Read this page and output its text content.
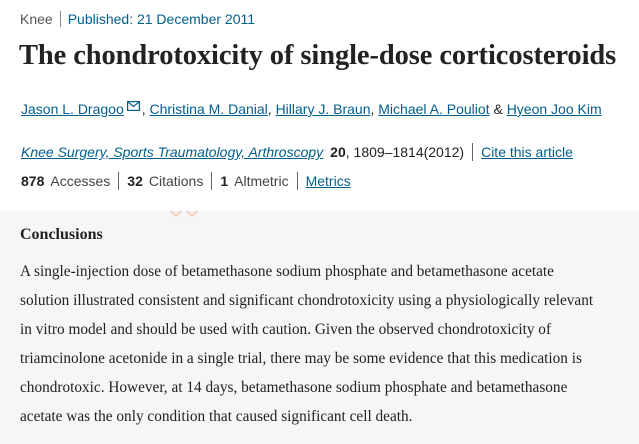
Knee Published: 21 December 2011
The chondrotoxicity of single-dose corticosteroids
Jason L. Dragoo , Christina M. Danial , Hillary J. Braun , Michael A. Pouliot & Hyeon Joo Kim
Knee Surgery, Sports Traumatology, Arthroscopy 20 , 1809–1814(2012) Cite this article
878 Accesses 32 Citations 1 Altmetric Metrics
Conclusions

A single-injection dose of betamethasone sodium phosphate and betamethasone acetate
solution illustrated consistent and significant chondrotoxicity using a physiologically relevant
in vitro model and should be used with caution. Given the observed chondrotoxicity of
triamcinolone acetonide in a single trial, there may be some evidence that this medication is
chondrotoxic. However, at 14 days, betamethasone sodium phosphate and betamethasone
acetate was the only condition that caused significant cell death.
